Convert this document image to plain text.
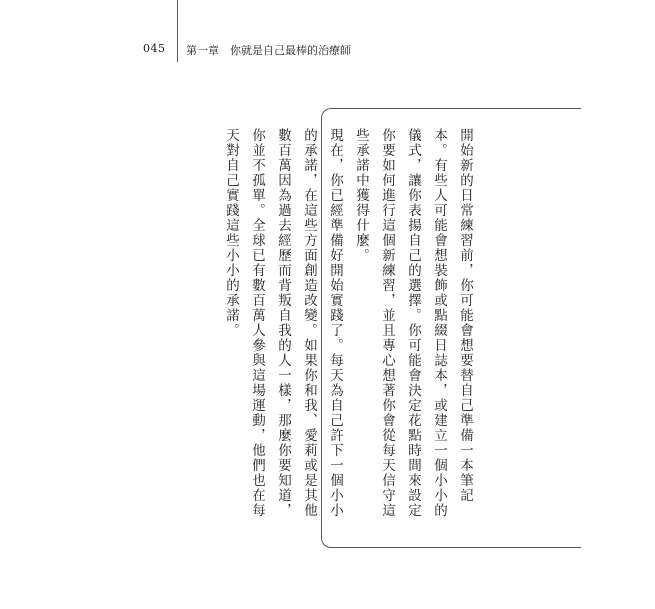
045 第一章　你就是自己最棒的治療師

開始新的日常練習前，你可能會想要替自己準備一本筆記本。有些人可能會想裝飾或點綴日誌本，或建立一個小小的儀式，讓你表揚自己的選擇。你可能會決定花點時間來設定你要如何進行這個新練習，並且專心想著你會從每天信守這些承諾中獲得什麼。

現在，你已經準備好開始實踐了。每天為自己許下一個小小的承諾，在這些方面創造改變。如果你和我、愛莉或是其他數百萬因為過去經歷而背叛自我的人一樣，那麼你要知道，你並不孤單。全球已有數百萬人參與這場運動，他們也在每天對自己實踐這些小小的承諾。
